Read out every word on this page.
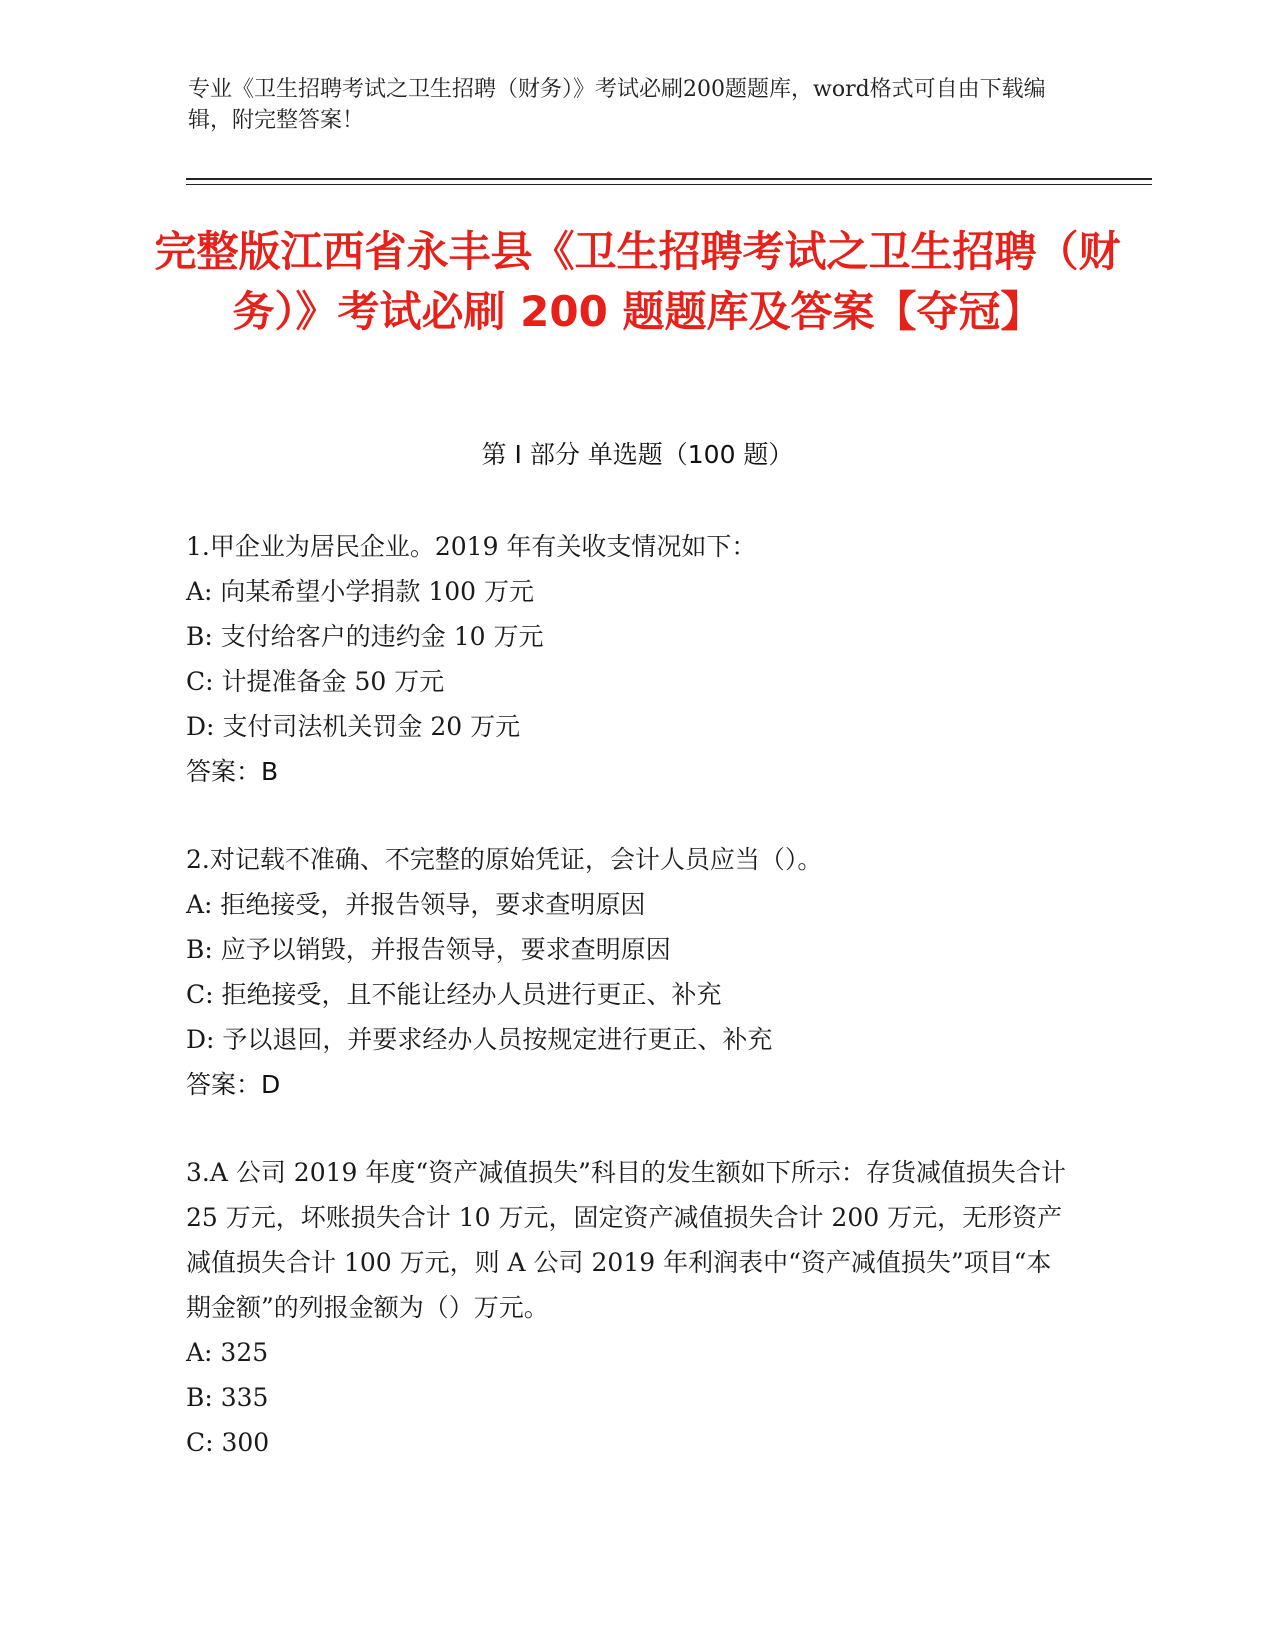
专业《卫生招聘考试之卫生招聘（财务）》考试必刷200题题库，word格式可自由下载编辑，附完整答案！
完整版江西省永丰县《卫生招聘考试之卫生招聘（财务）》考试必刷 200 题题库及答案【夺冠】
第 I 部分 单选题（100 题）
1.甲企业为居民企业。2019 年有关收支情况如下：
A: 向某希望小学捐款 100 万元
B: 支付给客户的违约金 10 万元
C: 计提准备金 50 万元
D: 支付司法机关罚金 20 万元
答案：B
2.对记载不准确、不完整的原始凭证，会计人员应当（）。
A: 拒绝接受，并报告领导，要求查明原因
B: 应予以销毁，并报告领导，要求查明原因
C: 拒绝接受，且不能让经办人员进行更正、补充
D: 予以退回，并要求经办人员按规定进行更正、补充
答案：D
3.A 公司 2019 年度“资产减值损失”科目的发生额如下所示：存货减值损失合计 25 万元，坏账损失合计 10 万元，固定资产减值损失合计 200 万元，无形资产减值损失合计 100 万元，则 A 公司 2019 年利润表中“资产减值损失”项目“本期金额”的列报金额为（）万元。
A: 325
B: 335
C: 300
